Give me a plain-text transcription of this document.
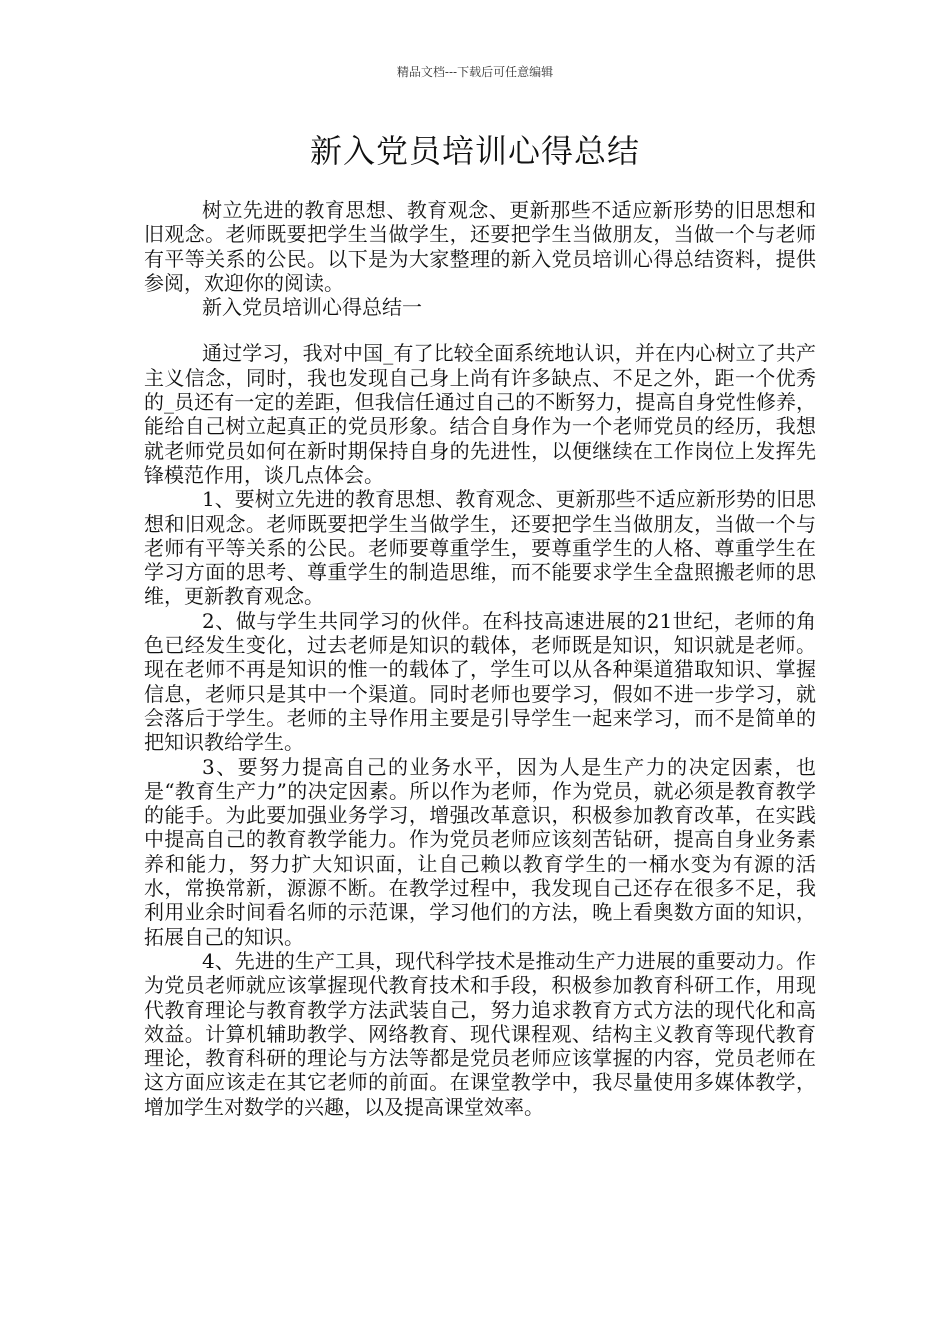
精品文档---下载后可任意编辑
新入党员培训心得总结

树立先进的教育思想、教育观念、更新那些不适应新形势的旧思想和旧观念。老师既要把学生当做学生，还要把学生当做朋友，当做一个与老师有平等关系的公民。以下是为大家整理的新入党员培训心得总结资料，提供参阅，欢迎你的阅读。

新入党员培训心得总结一

通过学习，我对中国_有了比较全面系统地认识，并在内心树立了共产主义信念，同时，我也发现自己身上尚有许多缺点、不足之外，距一个优秀的_员还有一定的差距，但我信任通过自己的不断努力，提高自身党性修养，能给自己树立起真正的党员形象。结合自身作为一个老师党员的经历，我想就老师党员如何在新时期保持自身的先进性，以便继续在工作岗位上发挥先锋模范作用，谈几点体会。

1、要树立先进的教育思想、教育观念、更新那些不适应新形势的旧思想和旧观念。老师既要把学生当做学生，还要把学生当做朋友，当做一个与老师有平等关系的公民。老师要尊重学生，要尊重学生的人格、尊重学生在学习方面的思考、尊重学生的制造思维，而不能要求学生全盘照搬老师的思维，更新教育观念。

2、做与学生共同学习的伙伴。在科技高速进展的21世纪，老师的角色已经发生变化，过去老师是知识的载体，老师既是知识，知识就是老师。现在老师不再是知识的惟一的载体了，学生可以从各种渠道猎取知识、掌握信息，老师只是其中一个渠道。同时老师也要学习，假如不进一步学习，就会落后于学生。老师的主导作用主要是引导学生一起来学习，而不是简单的把知识教给学生。

3、要努力提高自己的业务水平，因为人是生产力的决定因素，也是“教育生产力”的决定因素。所以作为老师，作为党员，就必须是教育教学的能手。为此要加强业务学习，增强改革意识，积极参加教育改革，在实践中提高自己的教育教学能力。作为党员老师应该刻苦钻研，提高自身业务素养和能力，努力扩大知识面，让自己赖以教育学生的一桶水变为有源的活水，常换常新，源源不断。在教学过程中，我发现自己还存在很多不足，我利用业余时间看名师的示范课，学习他们的方法，晚上看奥数方面的知识，拓展自己的知识。

4、先进的生产工具，现代科学技术是推动生产力进展的重要动力。作为党员老师就应该掌握现代教育技术和手段，积极参加教育科研工作，用现代教育理论与教育教学方法武装自己，努力追求教育方式方法的现代化和高效益。计算机辅助教学、网络教育、现代课程观、结构主义教育等现代教育理论，教育科研的理论与方法等都是党员老师应该掌握的内容，党员老师在这方面应该走在其它老师的前面。在课堂教学中，我尽量使用多媒体教学，增加学生对数学的兴趣，以及提高课堂效率。
